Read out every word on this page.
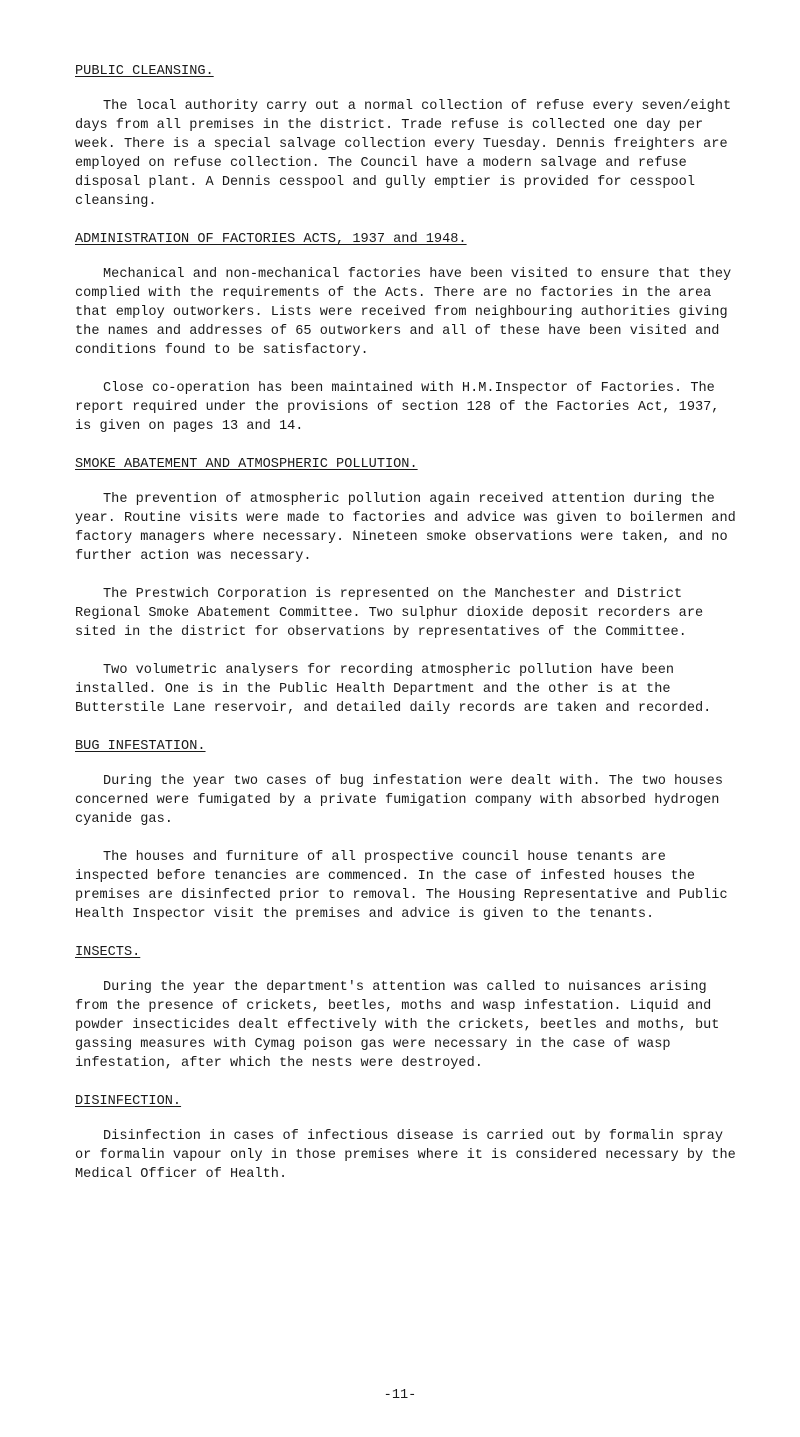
PUBLIC CLEANSING.

The local authority carry out a normal collection of refuse every seven/eight days from all premises in the district. Trade refuse is collected one day per week. There is a special salvage collection every Tuesday. Dennis freighters are employed on refuse collection. The Council have a modern salvage and refuse disposal plant. A Dennis cesspool and gully emptier is provided for cesspool cleansing.

ADMINISTRATION OF FACTORIES ACTS, 1937 and 1948.

Mechanical and non-mechanical factories have been visited to ensure that they complied with the requirements of the Acts. There are no factories in the area that employ outworkers. Lists were received from neighbouring authorities giving the names and addresses of 65 outworkers and all of these have been visited and conditions found to be satisfactory.

Close co-operation has been maintained with H.M.Inspector of Factories. The report required under the provisions of section 128 of the Factories Act, 1937, is given on pages 13 and 14.

SMOKE ABATEMENT AND ATMOSPHERIC POLLUTION.

The prevention of atmospheric pollution again received attention during the year. Routine visits were made to factories and advice was given to boilermen and factory managers where necessary. Nineteen smoke observations were taken, and no further action was necessary.

The Prestwich Corporation is represented on the Manchester and District Regional Smoke Abatement Committee. Two sulphur dioxide deposit recorders are sited in the district for observations by representatives of the Committee.

Two volumetric analysers for recording atmospheric pollution have been installed. One is in the Public Health Department and the other is at the Butterstile Lane reservoir, and detailed daily records are taken and recorded.

BUG INFESTATION.

During the year two cases of bug infestation were dealt with. The two houses concerned were fumigated by a private fumigation company with absorbed hydrogen cyanide gas.

The houses and furniture of all prospective council house tenants are inspected before tenancies are commenced. In the case of infested houses the premises are disinfected prior to removal. The Housing Representative and Public Health Inspector visit the premises and advice is given to the tenants.

INSECTS.

During the year the department's attention was called to nuisances arising from the presence of crickets, beetles, moths and wasp infestation. Liquid and powder insecticides dealt effectively with the crickets, beetles and moths, but gassing measures with Cymag poison gas were necessary in the case of wasp infestation, after which the nests were destroyed.

DISINFECTION.

Disinfection in cases of infectious disease is carried out by formalin spray or formalin vapour only in those premises where it is considered necessary by the Medical Officer of Health.

-11-
